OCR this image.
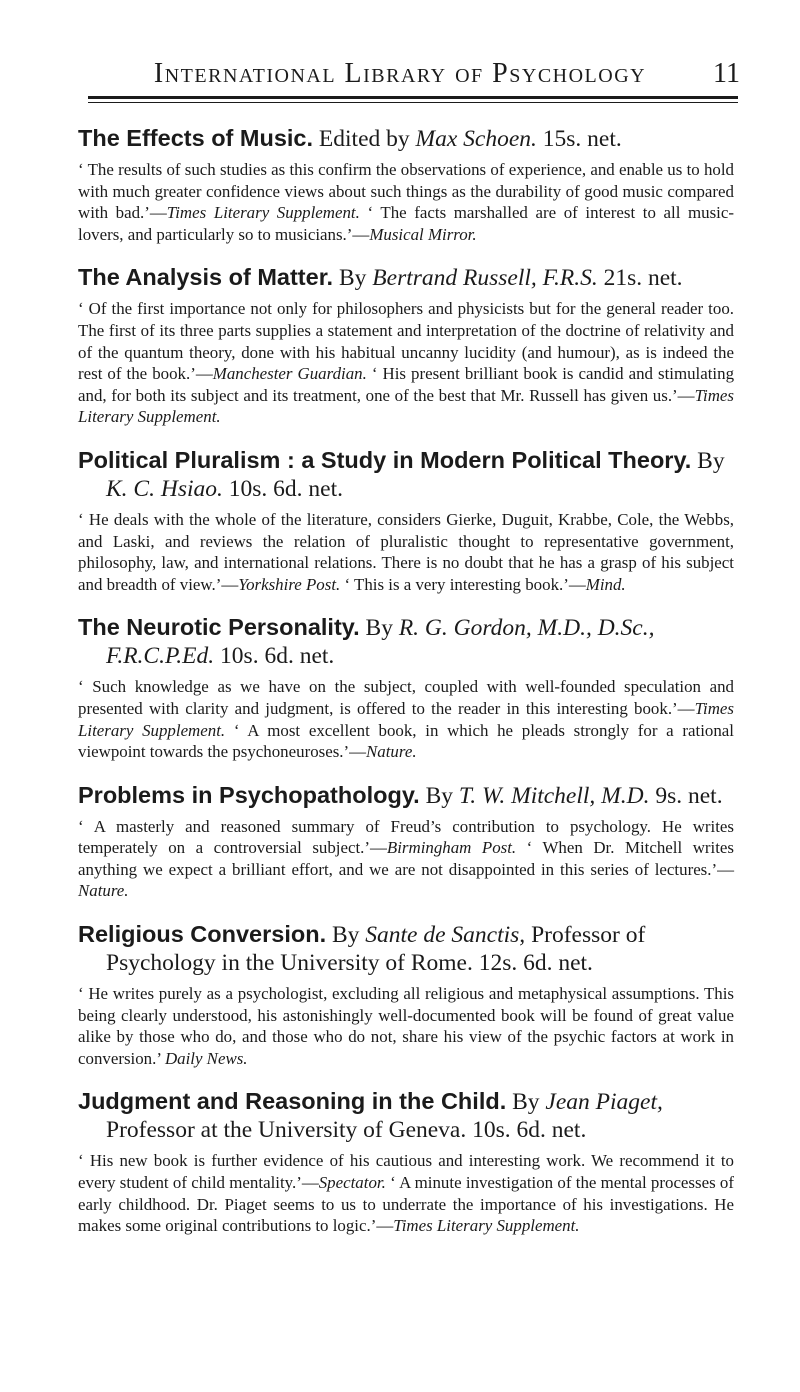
International Library of Psychology	11

The Effects of Music. Edited by Max Schoen. 15s. net.

‘ The results of such studies as this confirm the observations of experience, and enable us to hold with much greater confidence views about such things as the durability of good music compared with bad.’—Times Literary Supplement. ‘ The facts marshalled are of interest to all music-lovers, and particularly so to musicians.’—Musical Mirror.

The Analysis of Matter. By Bertrand Russell, F.R.S. 21s. net.

‘ Of the first importance not only for philosophers and physicists but for the general reader too. The first of its three parts supplies a statement and interpretation of the doctrine of relativity and of the quantum theory, done with his habitual uncanny lucidity (and humour), as is indeed the rest of the book.’—Manchester Guardian. ‘ His present brilliant book is candid and stimulating and, for both its subject and its treatment, one of the best that Mr. Russell has given us.’—Times Literary Supplement.

Political Pluralism : a Study in Modern Political Theory. By K. C. Hsiao. 10s. 6d. net.

‘ He deals with the whole of the literature, considers Gierke, Duguit, Krabbe, Cole, the Webbs, and Laski, and reviews the relation of pluralistic thought to representative government, philosophy, law, and international relations. There is no doubt that he has a grasp of his subject and breadth of view.’—Yorkshire Post. ‘ This is a very interesting book.’—Mind.

The Neurotic Personality. By R. G. Gordon, M.D., D.Sc., F.R.C.P.Ed. 10s. 6d. net.

‘ Such knowledge as we have on the subject, coupled with well-founded speculation and presented with clarity and judgment, is offered to the reader in this interesting book.’—Times Literary Supplement. ‘ A most excellent book, in which he pleads strongly for a rational viewpoint towards the psychoneuroses.’—Nature.

Problems in Psychopathology. By T. W. Mitchell, M.D. 9s. net.

‘ A masterly and reasoned summary of Freud’s contribution to psychology. He writes temperately on a controversial subject.’—Birmingham Post. ‘ When Dr. Mitchell writes anything we expect a brilliant effort, and we are not disappointed in this series of lectures.’—Nature.

Religious Conversion. By Sante de Sanctis, Professor of Psychology in the University of Rome. 12s. 6d. net.

‘ He writes purely as a psychologist, excluding all religious and metaphysical assumptions. This being clearly understood, his astonishingly well-documented book will be found of great value alike by those who do, and those who do not, share his view of the psychic factors at work in conversion.’ Daily News.

Judgment and Reasoning in the Child. By Jean Piaget, Professor at the University of Geneva. 10s. 6d. net.

‘ His new book is further evidence of his cautious and interesting work. We recommend it to every student of child mentality.’—Spectator. ‘ A minute investigation of the mental processes of early childhood. Dr. Piaget seems to us to underrate the importance of his investigations. He makes some original contributions to logic.’—Times Literary Supplement.
